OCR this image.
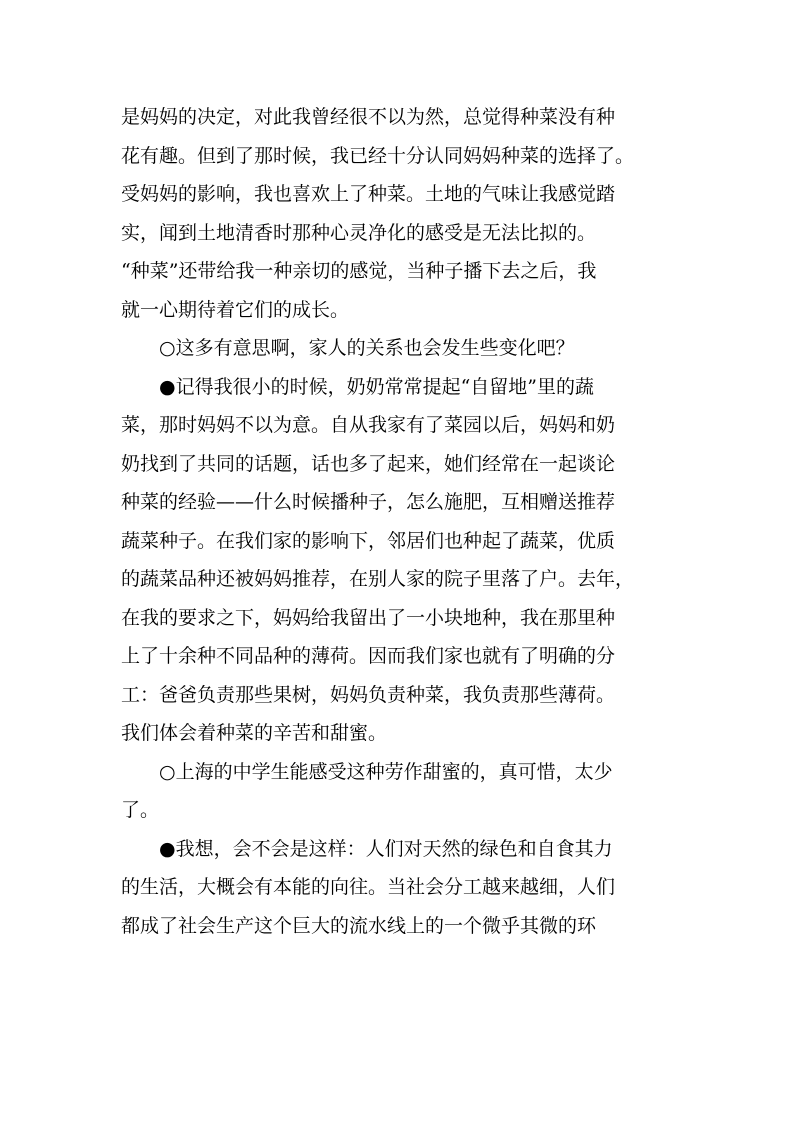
是妈妈的决定，对此我曾经很不以为然，总觉得种菜没有种
花有趣。但到了那时候，我已经十分认同妈妈种菜的选择了。
受妈妈的影响，我也喜欢上了种菜。土地的气味让我感觉踏
实，闻到土地清香时那种心灵净化的感受是无法比拟的。
“种菜”还带给我一种亲切的感觉，当种子播下去之后，我
就一心期待着它们的成长。
○这多有意思啊，家人的关系也会发生些变化吧？
●记得我很小的时候，奶奶常常提起“自留地”里的蔬
菜，那时妈妈不以为意。自从我家有了菜园以后，妈妈和奶
奶找到了共同的话题，话也多了起来，她们经常在一起谈论
种菜的经验——什么时候播种子，怎么施肥，互相赠送推荐
蔬菜种子。在我们家的影响下，邻居们也种起了蔬菜，优质
的蔬菜品种还被妈妈推荐，在别人家的院子里落了户。去年，
在我的要求之下，妈妈给我留出了一小块地种，我在那里种
上了十余种不同品种的薄荷。因而我们家也就有了明确的分
工：爸爸负责那些果树，妈妈负责种菜，我负责那些薄荷。
我们体会着种菜的辛苦和甜蜜。
○上海的中学生能感受这种劳作甜蜜的，真可惜，太少
了。
●我想，会不会是这样：人们对天然的绿色和自食其力
的生活，大概会有本能的向往。当社会分工越来越细，人们
都成了社会生产这个巨大的流水线上的一个微乎其微的环
